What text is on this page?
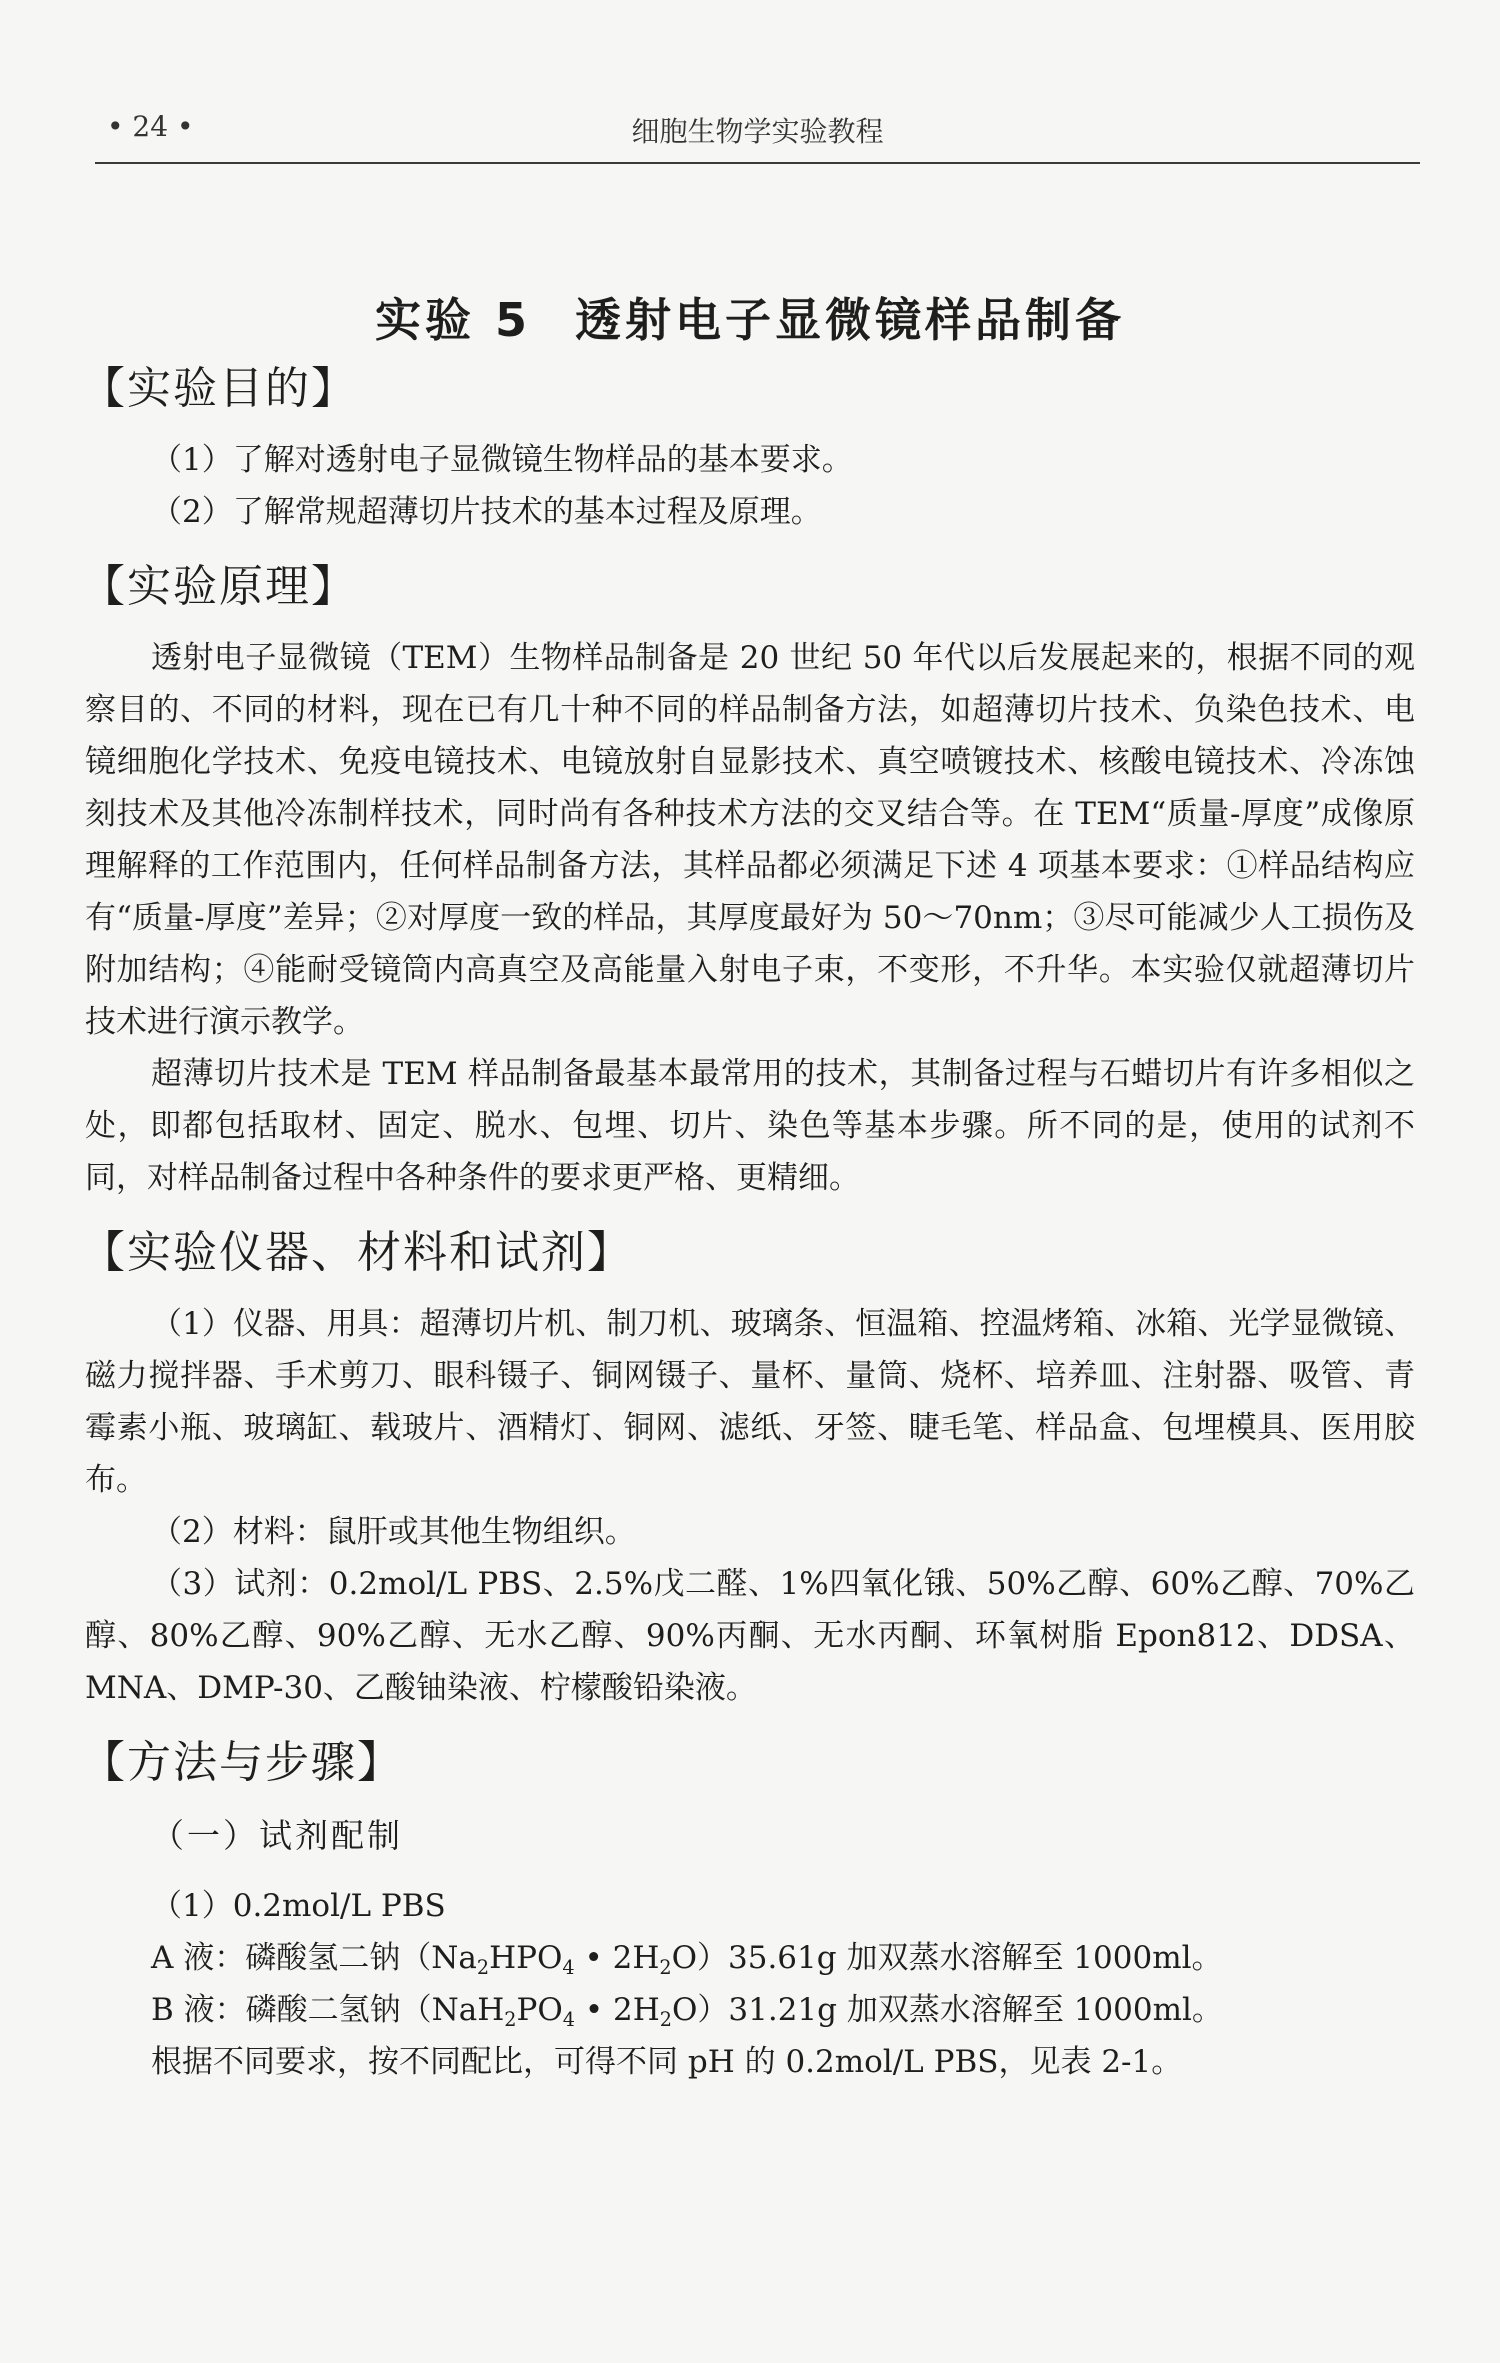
• 24 •	细胞生物学实验教程
实验 5 透射电子显微镜样品制备
【实验目的】

（1）了解对透射电子显微镜生物样品的基本要求。

（2）了解常规超薄切片技术的基本过程及原理。

【实验原理】

透射电子显微镜（TEM）生物样品制备是 20 世纪 50 年代以后发展起来的，根据不同的观察目的、不同的材料，现在已有几十种不同的样品制备方法，如超薄切片技术、负染色技术、电镜细胞化学技术、免疫电镜技术、电镜放射自显影技术、真空喷镀技术、核酸电镜技术、冷冻蚀刻技术及其他冷冻制样技术，同时尚有各种技术方法的交叉结合等。在 TEM“质量-厚度”成像原理解释的工作范围内，任何样品制备方法，其样品都必须满足下述 4 项基本要求：①样品结构应有“质量-厚度”差异；②对厚度一致的样品，其厚度最好为 50～70nm；③尽可能减少人工损伤及附加结构；④能耐受镜筒内高真空及高能量入射电子束，不变形，不升华。本实验仅就超薄切片技术进行演示教学。

超薄切片技术是 TEM 样品制备最基本最常用的技术，其制备过程与石蜡切片有许多相似之处，即都包括取材、固定、脱水、包埋、切片、染色等基本步骤。所不同的是，使用的试剂不同，对样品制备过程中各种条件的要求更严格、更精细。

【实验仪器、材料和试剂】

（1）仪器、用具：超薄切片机、制刀机、玻璃条、恒温箱、控温烤箱、冰箱、光学显微镜、磁力搅拌器、手术剪刀、眼科镊子、铜网镊子、量杯、量筒、烧杯、培养皿、注射器、吸管、青霉素小瓶、玻璃缸、载玻片、酒精灯、铜网、滤纸、牙签、睫毛笔、样品盒、包埋模具、医用胶布。

（2）材料：鼠肝或其他生物组织。

（3）试剂：0.2mol/L PBS、2.5%戊二醛、1%四氧化锇、50%乙醇、60%乙醇、70%乙醇、80%乙醇、90%乙醇、无水乙醇、90%丙酮、无水丙酮、环氧树脂 Epon812、DDSA、MNA、DMP-30、乙酸铀染液、柠檬酸铅染液。

【方法与步骤】
（一）试剂配制

（1）0.2mol/L PBS

A 液：磷酸氢二钠（$Na_2HPO_4$ • $2H_2O)35.61g$ 加双蒸水溶解至 1000ml。

B 液：磷酸二氢钠（$NaH_2PO_4$ • $2H_2O)31.21g$ 加双蒸水溶解至 1000ml。

根据不同要求，按不同配比，可得不同 pH 的 0.2mol/L PBS，见表 2-1。
